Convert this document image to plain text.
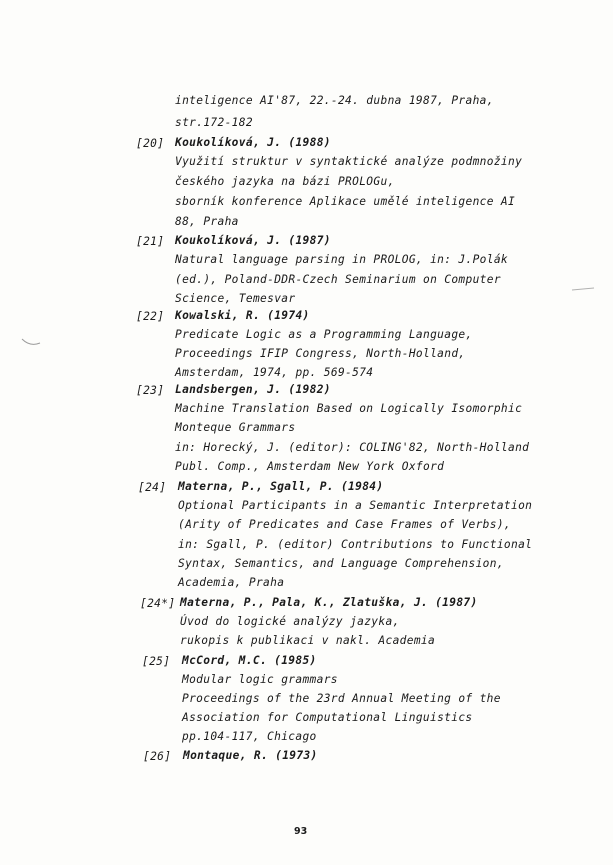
inteligence AI'87, 22.-24. dubna 1987, Praha,
str.172-182
[20] Koukolíková, J. (1988)
Využití struktur v syntaktické analýze podmnožiny
českého jazyka na bázi PROLOGu,
sborník konference Aplikace umělé inteligence AI
88, Praha
[21] Koukolíková, J. (1987)
Natural language parsing in PROLOG, in: J.Polák
(ed.), Poland-DDR-Czech Seminarium on Computer
Science, Temesvar
[22] Kowalski, R. (1974)
Predicate Logic as a Programming Language,
Proceedings IFIP Congress, North-Holland,
Amsterdam, 1974, pp. 569-574
[23] Landsbergen, J. (1982)
Machine Translation Based on Logically Isomorphic
Monteque Grammars
in: Horecký, J. (editor): COLING'82, North-Holland
Publ. Comp., Amsterdam New York Oxford
[24] Materna, P., Sgall, P. (1984)
Optional Participants in a Semantic Interpretation
(Arity of Predicates and Case Frames of Verbs),
in: Sgall, P. (editor) Contributions to Functional
Syntax, Semantics, and Language Comprehension,
Academia, Praha
[24*] Materna, P., Pala, K., Zlatuška, J. (1987)
Úvod do logické analýzy jazyka,
rukopis k publikaci v nakl. Academia
[25] McCord, M.C. (1985)
Modular logic grammars
Proceedings of the 23rd Annual Meeting of the
Association for Computational Linguistics
pp.104-117, Chicago
[26] Montaque, R. (1973)
93
